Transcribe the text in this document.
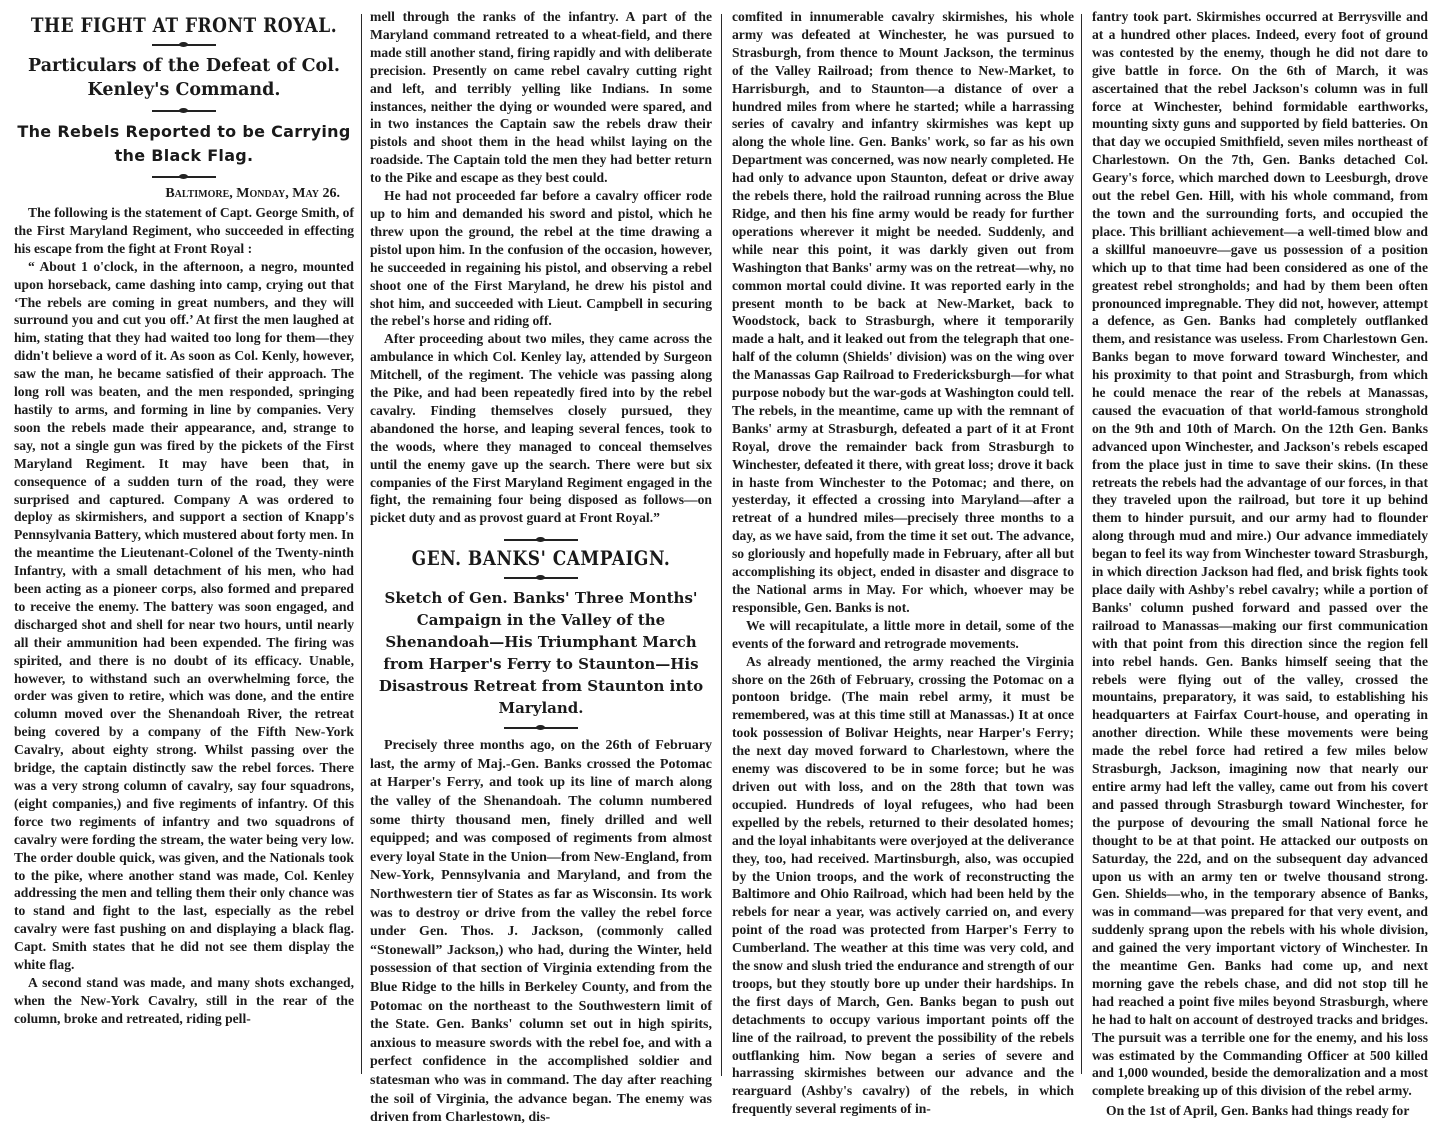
THE FIGHT AT FRONT ROYAL.
Particulars of the Defeat of Col. Kenley's Command.
The Rebels Reported to be Carrying the Black Flag.
Baltimore, Monday, May 26.

The following is the statement of Capt. George Smith, of the First Maryland Regiment, who succeeded in effecting his escape from the fight at Front Royal :

“ About 1 o'clock, in the afternoon, a negro, mounted upon horseback, came dashing into camp, crying out that ‘The rebels are coming in great numbers, and they will surround you and cut you off.’ At first the men laughed at him, stating that they had waited too long for them—they didn't believe a word of it. As soon as Col. Kenly, however, saw the man, he became satisfied of their approach. The long roll was beaten, and the men responded, springing hastily to arms, and forming in line by companies. Very soon the rebels made their appearance, and, strange to say, not a single gun was fired by the pickets of the First Maryland Regiment. It may have been that, in consequence of a sudden turn of the road, they were surprised and captured. Company A was ordered to deploy as skirmishers, and support a section of Knapp's Pennsylvania Battery, which mustered about forty men. In the meantime the Lieutenant-Colonel of the Twenty-ninth Infantry, with a small detachment of his men, who had been acting as a pioneer corps, also formed and prepared to receive the enemy. The battery was soon engaged, and discharged shot and shell for near two hours, until nearly all their ammunition had been expended. The firing was spirited, and there is no doubt of its efficacy. Unable, however, to withstand such an overwhelming force, the order was given to retire, which was done, and the entire column moved over the Shenandoah River, the retreat being covered by a company of the Fifth New-York Cavalry, about eighty strong. Whilst passing over the bridge, the captain distinctly saw the rebel forces. There was a very strong column of cavalry, say four squadrons, (eight companies,) and five regiments of infantry. Of this force two regiments of infantry and two squadrons of cavalry were fording the stream, the water being very low. The order double quick, was given, and the Nationals took to the pike, where another stand was made, Col. Kenley addressing the men and telling them their only chance was to stand and fight to the last, especially as the rebel cavalry were fast pushing on and displaying a black flag. Capt. Smith states that he did not see them display the white flag.

A second stand was made, and many shots exchanged, when the New-York Cavalry, still in the rear of the column, broke and retreated, riding pell-

mell through the ranks of the infantry. A part of the Maryland command retreated to a wheat-field, and there made still another stand, firing rapidly and with deliberate precision. Presently on came rebel cavalry cutting right and left, and terribly yelling like Indians. In some instances, neither the dying or wounded were spared, and in two instances the Captain saw the rebels draw their pistols and shoot them in the head whilst laying on the roadside. The Captain told the men they had better return to the Pike and escape as they best could.

He had not proceeded far before a cavalry officer rode up to him and demanded his sword and pistol, which he threw upon the ground, the rebel at the time drawing a pistol upon him. In the confusion of the occasion, however, he succeeded in regaining his pistol, and observing a rebel shoot one of the First Maryland, he drew his pistol and shot him, and succeeded with Lieut. Campbell in securing the rebel's horse and riding off.

After proceeding about two miles, they came across the ambulance in which Col. Kenley lay, attended by Surgeon Mitchell, of the regiment. The vehicle was passing along the Pike, and had been repeatedly fired into by the rebel cavalry. Finding themselves closely pursued, they abandoned the horse, and leaping several fences, took to the woods, where they managed to conceal themselves until the enemy gave up the search. There were but six companies of the First Maryland Regiment engaged in the fight, the remaining four being disposed as follows—on picket duty and as provost guard at Front Royal.”

GEN. BANKS' CAMPAIGN.
Sketch of Gen. Banks' Three Months' Campaign in the Valley of the Shenandoah—His Triumphant March from Harper's Ferry to Staunton—His Disastrous Retreat from Staunton into Maryland.

Precisely three months ago, on the 26th of February last, the army of Maj.-Gen. Banks crossed the Potomac at Harper's Ferry, and took up its line of march along the valley of the Shenandoah. The column numbered some thirty thousand men, finely drilled and well equipped; and was composed of regiments from almost every loyal State in the Union—from New-England, from New-York, Pennsylvania and Maryland, and from the Northwestern tier of States as far as Wisconsin. Its work was to destroy or drive from the valley the rebel force under Gen. Thos. J. Jackson, (commonly called “Stonewall” Jackson,) who had, during the Winter, held possession of that section of Virginia extending from the Blue Ridge to the hills in Berkeley County, and from the Potomac on the northeast to the Southwestern limit of the State. Gen. Banks' column set out in high spirits, anxious to measure swords with the rebel foe, and with a perfect confidence in the accomplished soldier and statesman who was in command. The day after reaching the soil of Virginia, the advance began. The enemy was driven from Charlestown, dis-

comfited in innumerable cavalry skirmishes, his whole army was defeated at Winchester, he was pursued to Strasburgh, from thence to Mount Jackson, the terminus of the Valley Railroad; from thence to New-Market, to Harrisburgh, and to Staunton—a distance of over a hundred miles from where he started; while a harrassing series of cavalry and infantry skirmishes was kept up along the whole line. Gen. Banks' work, so far as his own Department was concerned, was now nearly completed. He had only to advance upon Staunton, defeat or drive away the rebels there, hold the railroad running across the Blue Ridge, and then his fine army would be ready for further operations wherever it might be needed. Suddenly, and while near this point, it was darkly given out from Washington that Banks' army was on the retreat—why, no common mortal could divine. It was reported early in the present month to be back at New-Market, back to Woodstock, back to Strasburgh, where it temporarily made a halt, and it leaked out from the telegraph that one-half of the column (Shields' division) was on the wing over the Manassas Gap Railroad to Fredericksburgh—for what purpose nobody but the war-gods at Washington could tell. The rebels, in the meantime, came up with the remnant of Banks' army at Strasburgh, defeated a part of it at Front Royal, drove the remainder back from Strasburgh to Winchester, defeated it there, with great loss; drove it back in haste from Winchester to the Potomac; and there, on yesterday, it effected a crossing into Maryland—after a retreat of a hundred miles—precisely three months to a day, as we have said, from the time it set out. The advance, so gloriously and hopefully made in February, after all but accomplishing its object, ended in disaster and disgrace to the National arms in May. For which, whoever may be responsible, Gen. Banks is not.

We will recapitulate, a little more in detail, some of the events of the forward and retrograde movements.

As already mentioned, the army reached the Virginia shore on the 26th of February, crossing the Potomac on a pontoon bridge. (The main rebel army, it must be remembered, was at this time still at Manassas.) It at once took possession of Bolivar Heights, near Harper's Ferry; the next day moved forward to Charlestown, where the enemy was discovered to be in some force; but he was driven out with loss, and on the 28th that town was occupied. Hundreds of loyal refugees, who had been expelled by the rebels, returned to their desolated homes; and the loyal inhabitants were overjoyed at the deliverance they, too, had received. Martinsburgh, also, was occupied by the Union troops, and the work of reconstructing the Baltimore and Ohio Railroad, which had been held by the rebels for near a year, was actively carried on, and every point of the road was protected from Harper's Ferry to Cumberland. The weather at this time was very cold, and the snow and slush tried the endurance and strength of our troops, but they stoutly bore up under their hardships. In the first days of March, Gen. Banks began to push out detachments to occupy various important points off the line of the railroad, to prevent the possibility of the rebels outflanking him. Now began a series of severe and harrassing skirmishes between our advance and the rearguard (Ashby's cavalry) of the rebels, in which frequently several regiments of in-

fantry took part. Skirmishes occurred at Berrysville and at a hundred other places. Indeed, every foot of ground was contested by the enemy, though he did not dare to give battle in force. On the 6th of March, it was ascertained that the rebel Jackson's column was in full force at Winchester, behind formidable earthworks, mounting sixty guns and supported by field batteries. On that day we occupied Smithfield, seven miles northeast of Charlestown. On the 7th, Gen. Banks detached Col. Geary's force, which marched down to Leesburgh, drove out the rebel Gen. Hill, with his whole command, from the town and the surrounding forts, and occupied the place. This brilliant achievement—a well-timed blow and a skillful manoeuvre—gave us possession of a position which up to that time had been considered as one of the greatest rebel strongholds; and had by them been often pronounced impregnable. They did not, however, attempt a defence, as Gen. Banks had completely outflanked them, and resistance was useless. From Charlestown Gen. Banks began to move forward toward Winchester, and his proximity to that point and Strasburgh, from which he could menace the rear of the rebels at Manassas, caused the evacuation of that world-famous stronghold on the 9th and 10th of March. On the 12th Gen. Banks advanced upon Winchester, and Jackson's rebels escaped from the place just in time to save their skins. (In these retreats the rebels had the advantage of our forces, in that they traveled upon the railroad, but tore it up behind them to hinder pursuit, and our army had to flounder along through mud and mire.) Our advance immediately began to feel its way from Winchester toward Strasburgh, in which direction Jackson had fled, and brisk fights took place daily with Ashby's rebel cavalry; while a portion of Banks' column pushed forward and passed over the railroad to Manassas—making our first communication with that point from this direction since the region fell into rebel hands. Gen. Banks himself seeing that the rebels were flying out of the valley, crossed the mountains, preparatory, it was said, to establishing his headquarters at Fairfax Court-house, and operating in another direction. While these movements were being made the rebel force had retired a few miles below Strasburgh, Jackson, imagining now that nearly our entire army had left the valley, came out from his covert and passed through Strasburgh toward Winchester, for the purpose of devouring the small National force he thought to be at that point. He attacked our outposts on Saturday, the 22d, and on the subsequent day advanced upon us with an army ten or twelve thousand strong. Gen. Shields—who, in the temporary absence of Banks, was in command—was prepared for that very event, and suddenly sprang upon the rebels with his whole division, and gained the very important victory of Winchester. In the meantime Gen. Banks had come up, and next morning gave the rebels chase, and did not stop till he had reached a point five miles beyond Strasburgh, where he had to halt on account of destroyed tracks and bridges. The pursuit was a terrible one for the enemy, and his loss was estimated by the Commanding Officer at 500 killed and 1,000 wounded, beside the demoralization and a most complete breaking up of this division of the rebel army.

On the 1st of April, Gen. Banks had things ready for
